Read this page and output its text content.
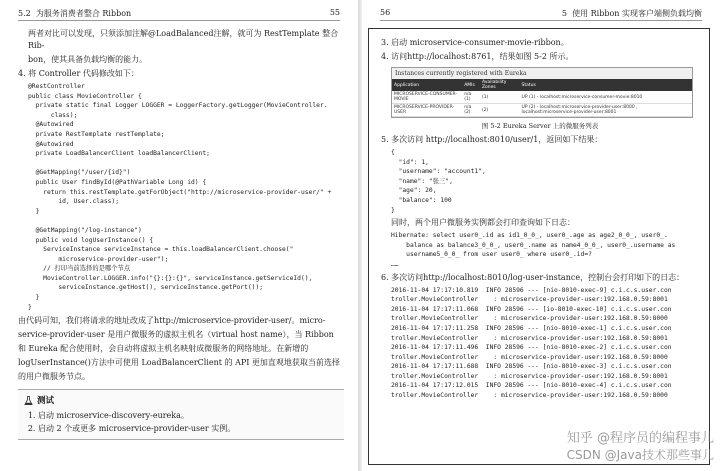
5.2 为服务消费者整合 Ribbon	55

两者对比可以发现，只须添加注解@LoadBalanced注解，就可为 RestTemplate 整合 Rib-

bon，使其具备负载均衡的能力。

4. 将 Controller 代码修改如下：

@RestController
public class MovieController {
private static final Logger LOGGER = LoggerFactory.getLogger(MovieController.
class);
@Autowired
private RestTemplate restTemplate;
@Autowired
private LoadBalancerClient loadBalancerClient;

@GetMapping("/user/{id}")
public User findById(@PathVariable Long id) {
return this.restTemplate.getForObject("http://microservice-provider-user/" +
id, User.class);
}

@GetMapping("/log-instance")
public void logUserInstance() {
ServiceInstance serviceInstance = this.loadBalancerClient.choose("
microservice-provider-user");
// 打印当前选择的是哪个节点
MovieController.LOGGER.info("{}:{}:{}", serviceInstance.getServiceId(),
serviceInstance.getHost(), serviceInstance.getPort());
}
}

由代码可知，我们将请求的地址改成了http://microservice-provider-user/。micro-

service-provider-user 是用户微服务的虚拟主机名（virtual host name），当 Ribbon

和 Eureka 配合使用时，会自动将虚拟主机名映射成微服务的网络地址。在新增的

logUserInstance()方法中可使用 LoadBalancerClient 的 API 更加直观地获取当前选择

的用户微服务节点。

测试
1. 启动 microservice-discovery-eureka。
2. 启动 2 个或更多 microservice-provider-user 实例。
56	5 使用 Ribbon 实现客户端侧负载均衡

3. 启动 microservice-consumer-movie-ribbon。

4. 访问http://localhost:8761，结果如图 5-2 所示。

Instances currently registered with Eureka
Application	AMIs	Availability Zones	Status
MICROSERVICE-CONSUMER-MOVIE	n/a (1)	(1)	UP (1) - localhost:microservice-consumer-movie:8010
MICROSERVICE-PROVIDER-USER	n/a (2)	(2)	UP (2) - localhost:microservice-provider-user:8000 , localhost:microservice-provider-user:8001
图 5-2 Eureka Server 上的微服务列表

5. 多次访问 http://localhost:8010/user/1，返回如下结果：

{
"id": 1,
"username": "account1",
"name": "张三",
"age": 20,
"balance": 100
}

同时，两个用户微服务实例都会打印查询如下日志：

Hibernate: select user0_.id as id1_0_0_, user0_.age as age2_0_0_, user0_.
balance as balance3_0_0_, user0_.name as name4_0_0_, user0_.username as
username5_0_0_ from user user0_ where user0_.id=?
……

6. 多次访问http://localhost:8010/log-user-instance，控制台会打印如下的日志：

2016-11-04 17:17:10.819  INFO 28596 --- [nio-8010-exec-9] c.i.c.s.user.con
troller.MovieController    : microservice-provider-user:192.168.0.59:8001
2016-11-04 17:17:11.068  INFO 28596 --- [io-8010-exec-10] c.i.c.s.user.con
troller.MovieController    : microservice-provider-user:192.168.0.59:8000
2016-11-04 17:17:11.258  INFO 28596 --- [nio-8010-exec-1] c.i.c.s.user.con
troller.MovieController    : microservice-provider-user:192.168.0.59:8001
2016-11-04 17:17:11.496  INFO 28596 --- [nio-8010-exec-2] c.i.c.s.user.con
troller.MovieController    : microservice-provider-user:192.168.0.59:8000
2016-11-04 17:17:11.688  INFO 28596 --- [nio-8010-exec-3] c.i.c.s.user.con
troller.MovieController    : microservice-provider-user:192.168.0.59:8001
2016-11-04 17:17:12.015  INFO 28596 --- [nio-8010-exec-4] c.i.c.s.user.con
troller.MovieController    : microservice-provider-user:192.168.0.59:8000
知乎 @程序员的编程事儿
CSDN @Java技术那些事儿
